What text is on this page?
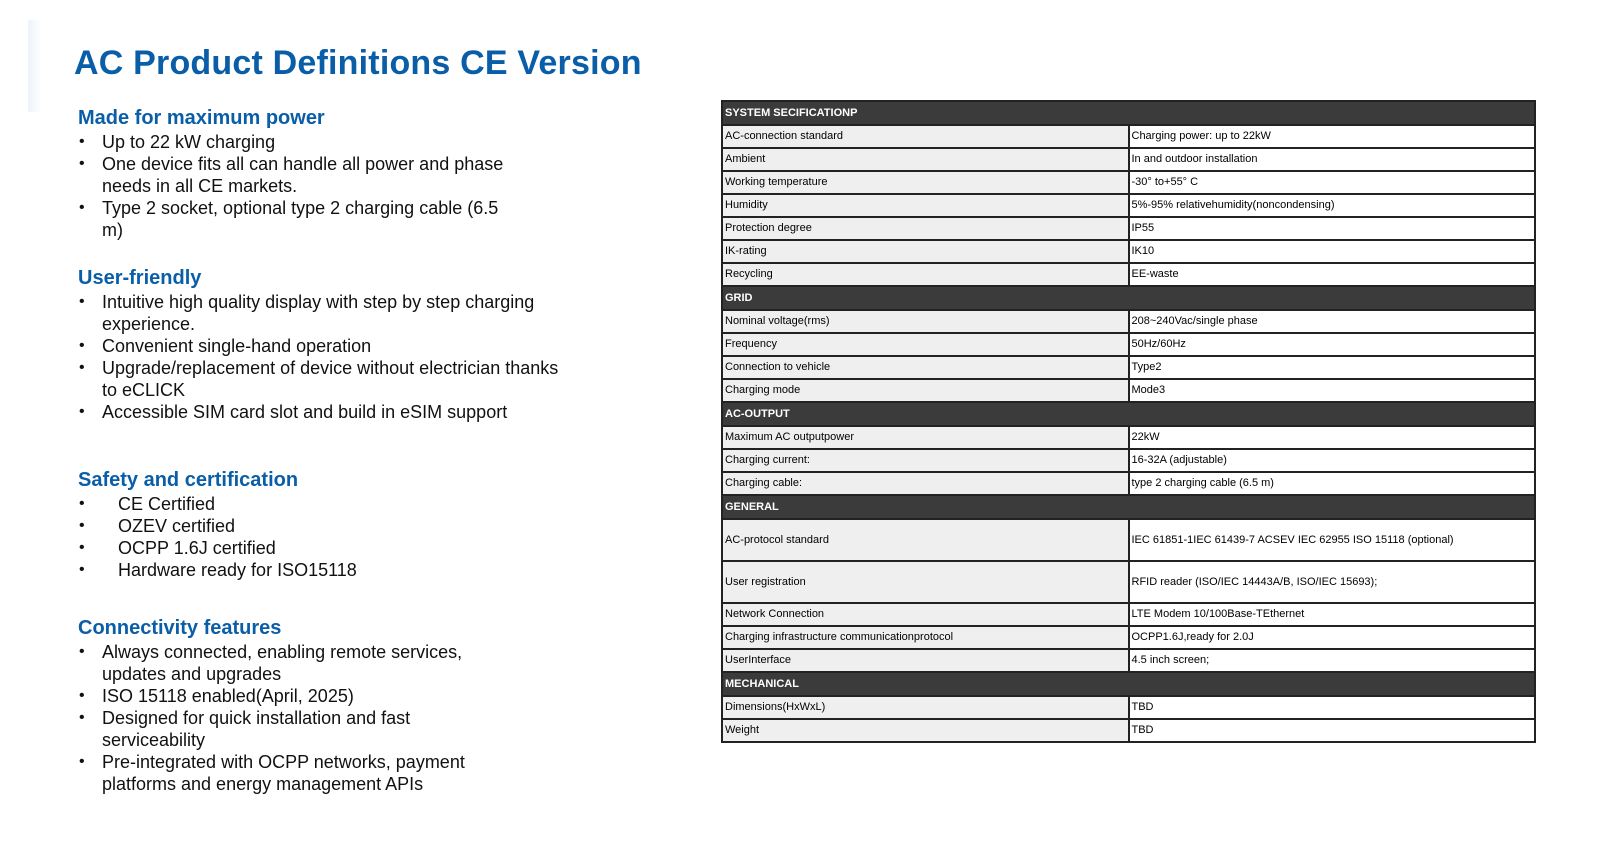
AC Product Definitions CE Version
Made for maximum power
• Up to 22 kW charging
• One device fits all can handle all power and phase needs in all CE markets.
• Type 2 socket, optional type 2 charging cable (6.5 m)
User-friendly
• Intuitive high quality display with step by step charging experience.
• Convenient single-hand operation
• Upgrade/replacement of device without electrician thanks to eCLICK
• Accessible SIM card slot and build in eSIM support
Safety and certification
• CE Certified
• OZEV certified
• OCPP 1.6J certified
• Hardware ready for ISO15118
Connectivity features
• Always connected, enabling remote services, updates and upgrades
• ISO 15118 enabled(April, 2025)
• Designed for quick installation and fast serviceability
• Pre-integrated with OCPP networks, payment platforms and energy management APIs
SYSTEM SECIFICATIONP	
AC-connection standard	Charging power: up to 22kW
Ambient	In and outdoor installation
Working temperature	-30° to+55° C
Humidity	5%-95% relativehumidity(noncondensing)
Protection degree	IP55
IK-rating	IK10
Recycling	EE-waste
GRID	
Nominal voltage(rms)	208~240Vac/single phase
Frequency	50Hz/60Hz
Connection to vehicle	Type2
Charging mode	Mode3
AC-OUTPUT	
Maximum AC outputpower	22kW
Charging current:	16-32A (adjustable)
Charging cable:	type 2 charging cable (6.5 m)
GENERAL	
AC-protocol standard	IEC 61851-1IEC 61439-7 ACSEV IEC 62955 ISO 15118 (optional)
User registration	RFID reader (ISO/IEC 14443A/B, ISO/IEC 15693);
Network Connection	LTE Modem 10/100Base-TEthernet
Charging infrastructure communicationprotocol	OCPP1.6J,ready for 2.0J
UserInterface	4.5 inch screen;
MECHANICAL	
Dimensions(HxWxL)	TBD
Weight	TBD
